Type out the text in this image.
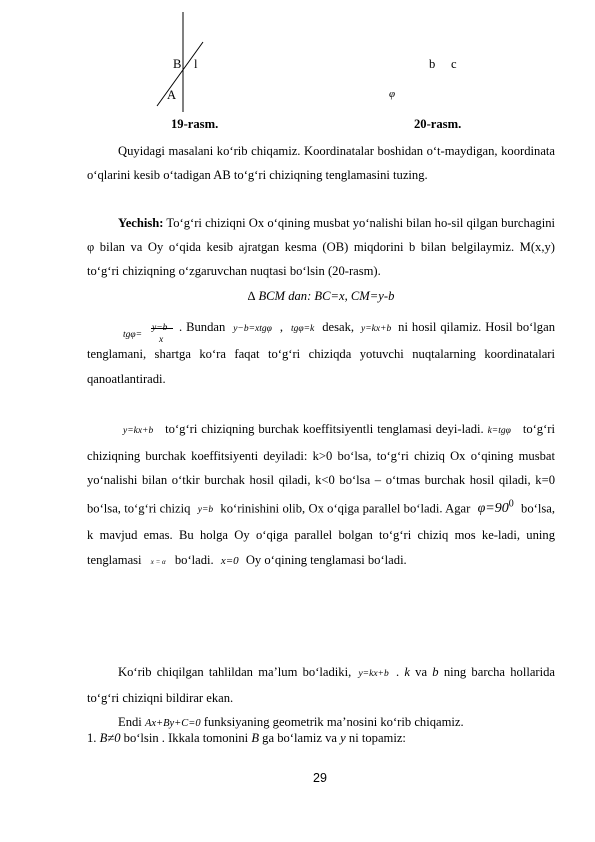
B l
A
19-rasm.
b c
φ
20-rasm.
Quyidagi masalani ko‘rib chiqamiz. Koordinatalar boshidan o‘t-maydigan, koordinata o‘qlarini kesib o‘tadigan AB to‘g‘ri chiziqning tenglamasini tuzing.
Yechish: To‘g‘ri chiziqni Ox o‘qining musbat yo‘nalishi bilan ho-sil qilgan burchagini φ bilan va Oy o‘qida kesib ajratgan kesma (OB) miqdorini b bilan belgilaymiz. M(x,y) to‘g‘ri chiziqning o‘zgaruvchan nuqtasi bo‘lsin (20-rasm).
∆ BCM dan: BC=x, CM=y-b
tgφ=
y−b
x
. Bundan y−b=xtgφ , tgφ=k desak, y=kx+b ni hosil qilamiz. Hosil bo‘lgan tenglamani, shartga ko‘ra faqat to‘g‘ri chiziqda yotuvchi nuqtalarning koordinatalari qanoatlantiradi.
y=kx+b to‘g‘ri chiziqning burchak koeffitsiyentli tenglamasi deyi-ladi. k=tgφ to‘g‘ri chiziqning burchak koeffitsiyenti deyiladi: k>0 bo‘lsa, to‘g‘ri chiziq Ox o‘qining musbat yo‘nalishi bilan o‘tkir burchak hosil qiladi, k<0 bo‘lsa – o‘tmas burchak hosil qiladi, k=0 bo‘lsa, to‘g‘ri chiziq y=b ko‘rinishini olib, Ox o‘qiga parallel bo‘ladi. Agar $\varphi=90^0$ bo‘lsa, k mavjud emas. Bu holga Oy o‘qiga parallel bolgan to‘g‘ri chiziq mos ke-ladi, uning tenglamasi x = α bo‘ladi. x=0 Oy o‘qining tenglamasi bo‘ladi.
Ko‘rib chiqilgan tahlildan ma’lum bo‘ladiki, y=kx+b . k va b ning barcha hollarida to‘g‘ri chiziqni bildirar ekan.
Endi Ax+By+C=0 funksiyaning geometrik ma’nosini ko‘rib chiqamiz.
1. B≠0 bo‘lsin . Ikkala tomonini B ga bo‘lamiz va y ni topamiz:
29
